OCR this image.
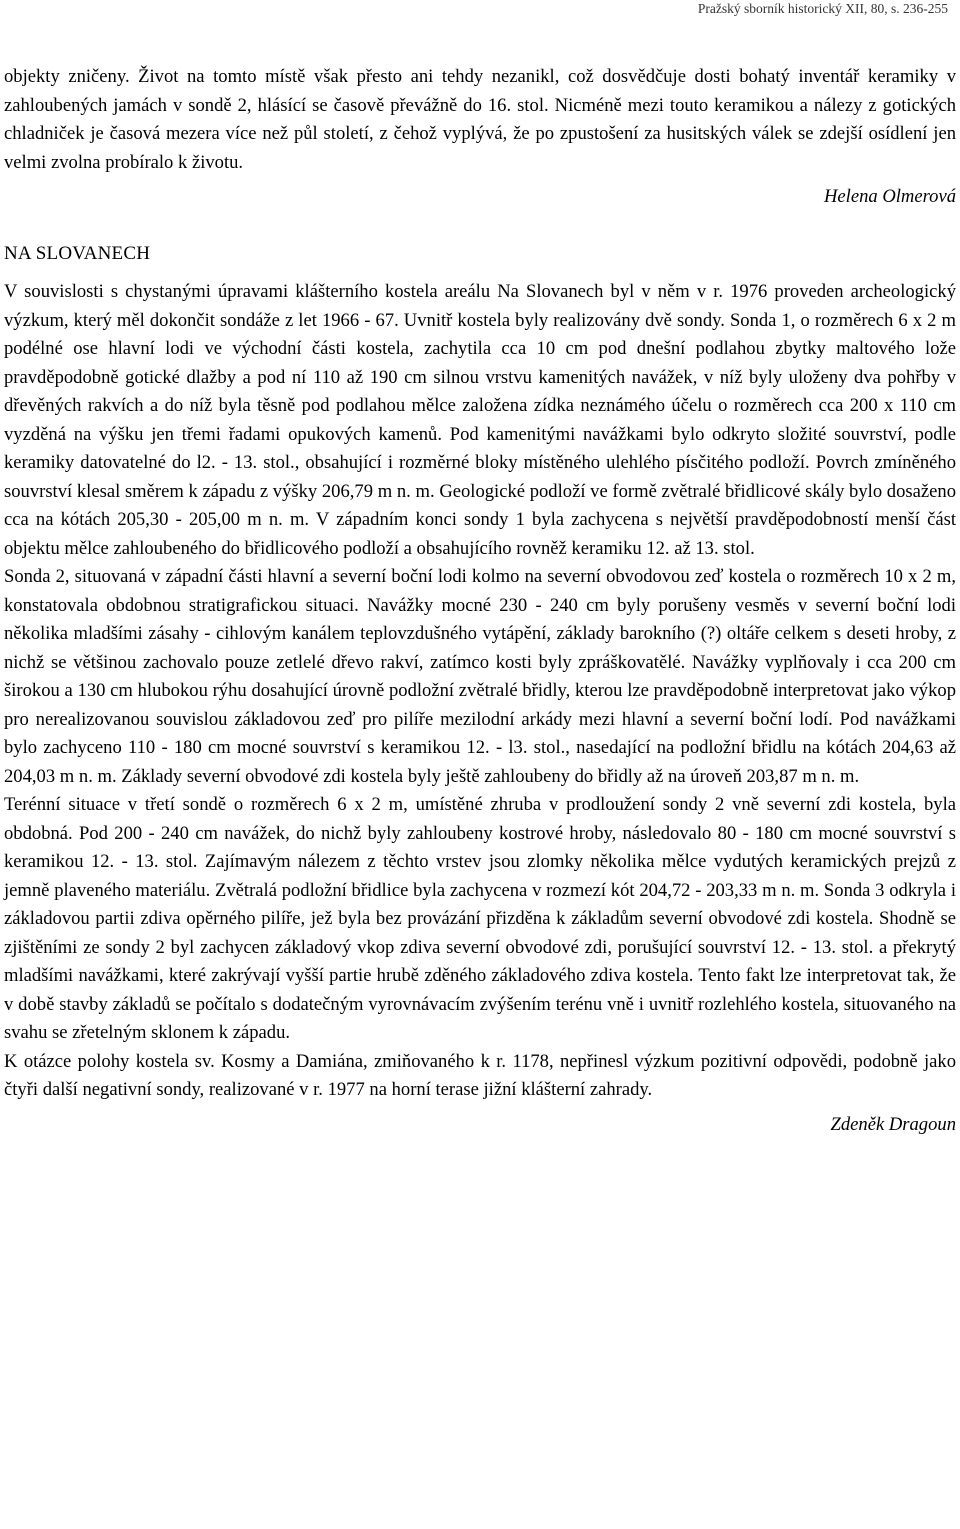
Pražský sborník historický XII, 80, s. 236-255

objekty zničeny. Život na tomto místě však přesto ani tehdy nezanikl, což dosvědčuje dosti bohatý inventář keramiky v zahloubených jamách v sondě 2, hlásící se časově převážně do 16. stol. Nicméně mezi touto keramikou a nálezy z gotických chladniček je časová mezera více než půl století, z čehož vyplývá, že po zpustošení za husitských válek se zdejší osídlení jen velmi zvolna probíralo k životu.

Helena Olmerová

NA SLOVANECH

V souvislosti s chystanými úpravami klášterního kostela areálu Na Slovanech byl v něm v r. 1976 proveden archeologický výzkum, který měl dokončit sondáže z let 1966 - 67. Uvnitř kostela byly realizovány dvě sondy. Sonda 1, o rozměrech 6 x 2 m podélné ose hlavní lodi ve východní části kostela, zachytila cca 10 cm pod dnešní podlahou zbytky maltového lože pravděpodobně gotické dlažby a pod ní 110 až 190 cm silnou vrstvu kamenitých navážek, v níž byly uloženy dva pohřby v dřevěných rakvích a do níž byla těsně pod podlahou mělce založena zídka neznámého účelu o rozměrech cca 200 x 110 cm vyzděná na výšku jen třemi řadami opukových kamenů. Pod kamenitými navážkami bylo odkryto složité souvrství, podle keramiky datovatelné do l2. - 13. stol., obsahující i rozměrné bloky místěného ulehlého písčitého podloží. Povrch zmíněného souvrství klesal směrem k západu z výšky 206,79 m n. m. Geologické podloží ve formě zvětralé břidlicové skály bylo dosaženo cca na kótách 205,30 - 205,00 m n. m. V západním konci sondy 1 byla zachycena s největší pravděpodobností menší část objektu mělce zahloubeného do břidlicového podloží a obsahujícího rovněž keramiku 12. až 13. stol.

Sonda 2, situovaná v západní části hlavní a severní boční lodi kolmo na severní obvodovou zeď kostela o rozměrech 10 x 2 m, konstatovala obdobnou stratigrafickou situaci. Navážky mocné 230 - 240 cm byly porušeny vesměs v severní boční lodi několika mladšími zásahy - cihlovým kanálem teplovzdušného vytápění, základy barokního (?) oltáře celkem s deseti hroby, z nichž se většinou zachovalo pouze zetlelé dřevo rakví, zatímco kosti byly zpráškovatělé. Navážky vyplňovaly i cca 200 cm širokou a 130 cm hlubokou rýhu dosahující úrovně podložní zvětralé břidly, kterou lze pravděpodobně interpretovat jako výkop pro nerealizovanou souvislou základovou zeď pro pilíře mezilodní arkády mezi hlavní a severní boční lodí. Pod navážkami bylo zachyceno 110 - 180 cm mocné souvrství s keramikou 12. - l3. stol., nasedající na podložní břidlu na kótách 204,63 až 204,03 m n. m. Základy severní obvodové zdi kostela byly ještě zahloubeny do břidly až na úroveň 203,87 m n. m.

Terénní situace v třetí sondě o rozměrech 6 x 2 m, umístěné zhruba v prodloužení sondy 2 vně severní zdi kostela, byla obdobná. Pod 200 - 240 cm navážek, do nichž byly zahloubeny kostrové hroby, následovalo 80 - 180 cm mocné souvrství s keramikou 12. - 13. stol. Zajímavým nálezem z těchto vrstev jsou zlomky několika mělce vydutých keramických prejzů z jemně plaveného materiálu. Zvětralá podložní břidlice byla zachycena v rozmezí kót 204,72 - 203,33 m n. m. Sonda 3 odkryla i základovou partii zdiva opěrného pilíře, jež byla bez provázání přizděna k základům severní obvodové zdi kostela. Shodně se zjištěními ze sondy 2 byl zachycen základový vkop zdiva severní obvodové zdi, porušující souvrství 12. - 13. stol. a překrytý mladšími navážkami, které zakrývají vyšší partie hrubě zděného základového zdiva kostela. Tento fakt lze interpretovat tak, že v době stavby základů se počítalo s dodatečným vyrovnávacím zvýšením terénu vně i uvnitř rozlehlého kostela, situovaného na svahu se zřetelným sklonem k západu.

K otázce polohy kostela sv. Kosmy a Damiána, zmiňovaného k r. 1178, nepřinesl výzkum pozitivní odpovědi, podobně jako čtyři další negativní sondy, realizované v r. 1977 na horní terase jižní klášterní zahrady.

Zdeněk Dragoun
